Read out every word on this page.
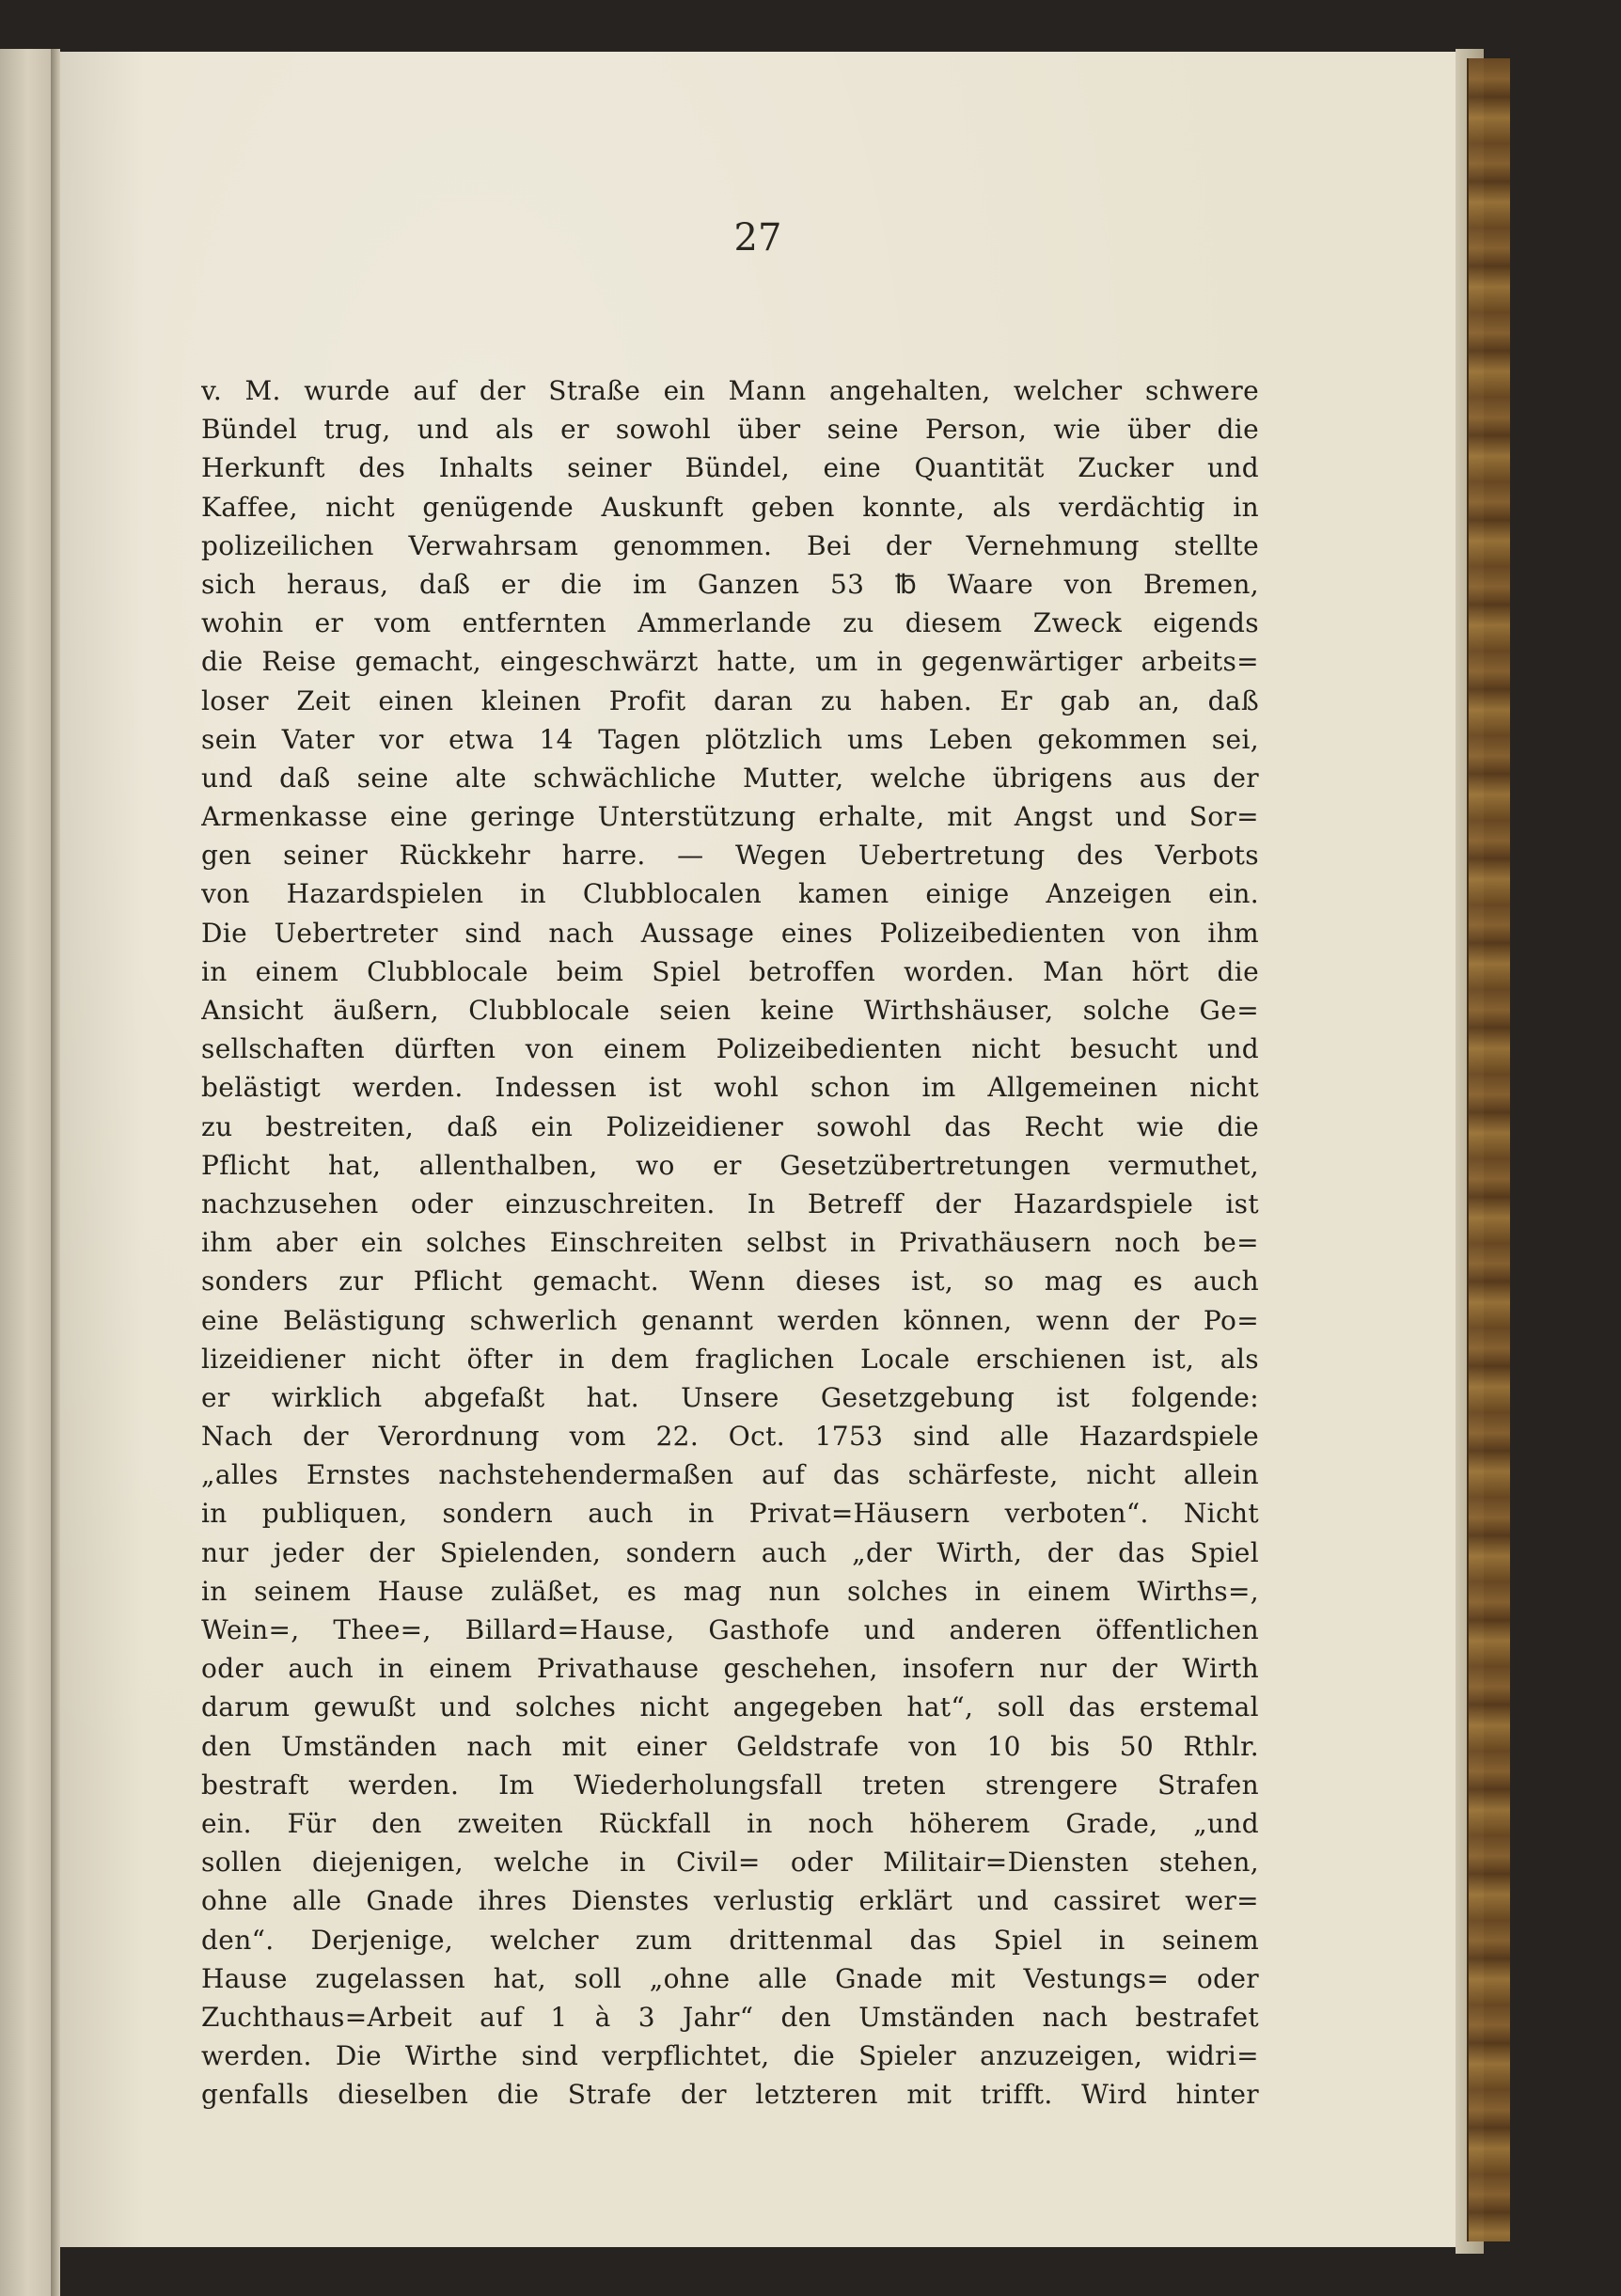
27

v. M. wurde auf der Straße ein Mann angehalten, welcher schwere
Bündel trug, und als er sowohl über seine Person, wie über die
Herkunft des Inhalts seiner Bündel, eine Quantität Zucker und
Kaffee, nicht genügende Auskunft geben konnte, als verdächtig in
polizeilichen Verwahrsam genommen. Bei der Vernehmung stellte
sich heraus, daß er die im Ganzen 53 ℔ Waare von Bremen,
wohin er vom entfernten Ammerlande zu diesem Zweck eigends
die Reise gemacht, eingeschwärzt hatte, um in gegenwärtiger arbeits=
loser Zeit einen kleinen Profit daran zu haben. Er gab an, daß
sein Vater vor etwa 14 Tagen plötzlich ums Leben gekommen sei,
und daß seine alte schwächliche Mutter, welche übrigens aus der
Armenkasse eine geringe Unterstützung erhalte, mit Angst und Sor=
gen seiner Rückkehr harre. — Wegen Uebertretung des Verbots
von Hazardspielen in Clubblocalen kamen einige Anzeigen ein.
Die Uebertreter sind nach Aussage eines Polizeibedienten von ihm
in einem Clubblocale beim Spiel betroffen worden. Man hört die
Ansicht äußern, Clubblocale seien keine Wirthshäuser, solche Ge=
sellschaften dürften von einem Polizeibedienten nicht besucht und
belästigt werden. Indessen ist wohl schon im Allgemeinen nicht
zu bestreiten, daß ein Polizeidiener sowohl das Recht wie die
Pflicht hat, allenthalben, wo er Gesetzübertretungen vermuthet,
nachzusehen oder einzuschreiten. In Betreff der Hazardspiele ist
ihm aber ein solches Einschreiten selbst in Privathäusern noch be=
sonders zur Pflicht gemacht. Wenn dieses ist, so mag es auch
eine Belästigung schwerlich genannt werden können, wenn der Po=
lizeidiener nicht öfter in dem fraglichen Locale erschienen ist, als
er wirklich abgefaßt hat. Unsere Gesetzgebung ist folgende:
Nach der Verordnung vom 22. Oct. 1753 sind alle Hazardspiele
„alles Ernstes nachstehendermaßen auf das schärfeste, nicht allein
in publiquen, sondern auch in Privat=Häusern verboten“. Nicht
nur jeder der Spielenden, sondern auch „der Wirth, der das Spiel
in seinem Hause zuläßet, es mag nun solches in einem Wirths=,
Wein=, Thee=, Billard=Hause, Gasthofe und anderen öffentlichen
oder auch in einem Privathause geschehen, insofern nur der Wirth
darum gewußt und solches nicht angegeben hat“, soll das erstemal
den Umständen nach mit einer Geldstrafe von 10 bis 50 Rthlr.
bestraft werden. Im Wiederholungsfall treten strengere Strafen
ein. Für den zweiten Rückfall in noch höherem Grade, „und
sollen diejenigen, welche in Civil= oder Militair=Diensten stehen,
ohne alle Gnade ihres Dienstes verlustig erklärt und cassiret wer=
den“. Derjenige, welcher zum drittenmal das Spiel in seinem
Hause zugelassen hat, soll „ohne alle Gnade mit Vestungs= oder
Zuchthaus=Arbeit auf 1 à 3 Jahr“ den Umständen nach bestrafet
werden. Die Wirthe sind verpflichtet, die Spieler anzuzeigen, widri=
genfalls dieselben die Strafe der letzteren mit trifft. Wird hinter
